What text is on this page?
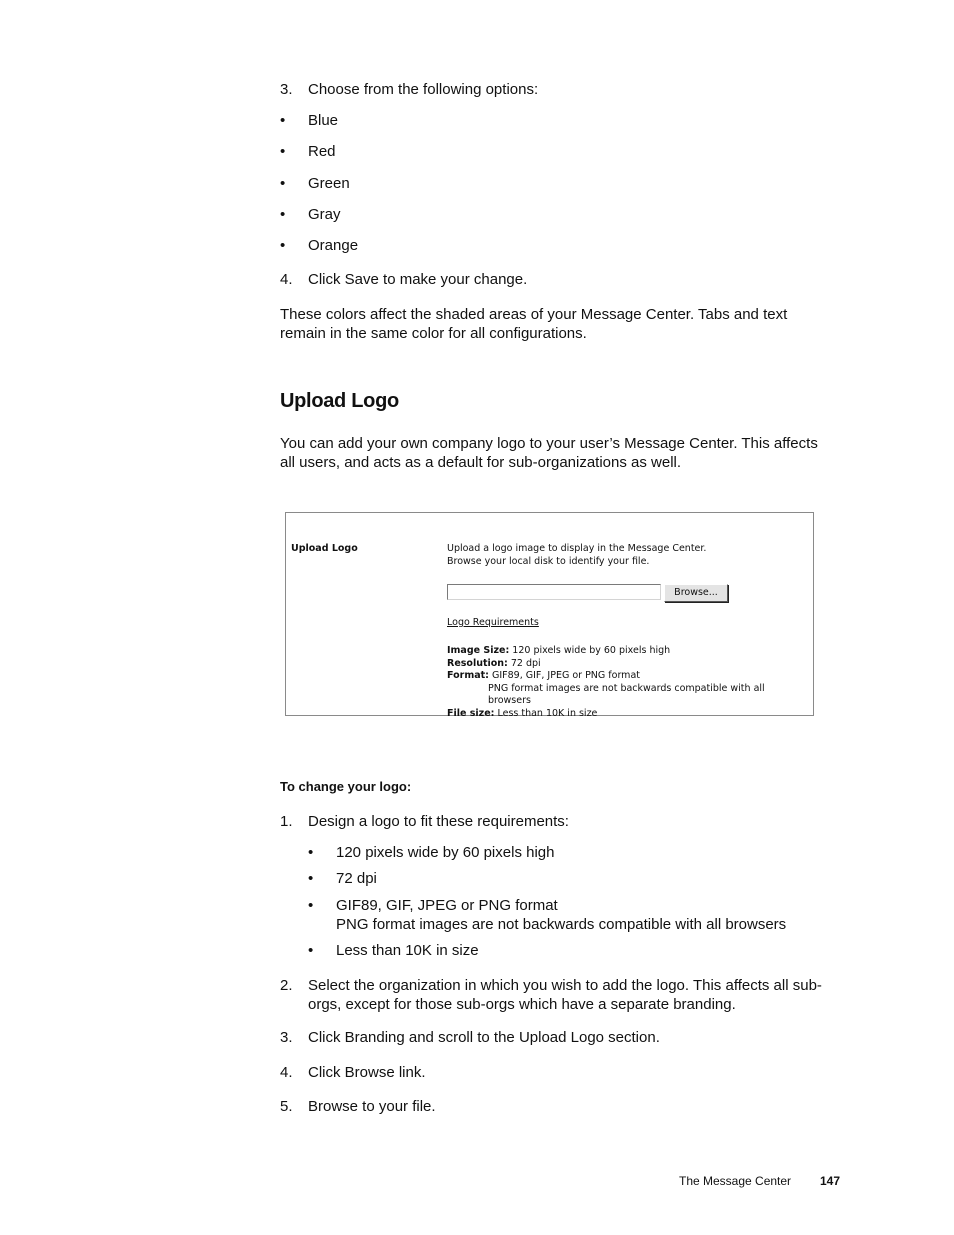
3.	Choose from the following options:
• Blue
• Red
• Green
• Gray
• Orange
4.	Click Save to make your change.
These colors affect the shaded areas of your Message Center. Tabs and text
remain in the same color for all configurations.
Upload Logo
You can add your own company logo to your user’s Message Center. This affects
all users, and acts as a default for sub-organizations as well.
Upload Logo	Upload a logo image to display in the Message Center.
Browse your local disk to identify your file.
Browse...
Logo Requirements
Image Size: 120 pixels wide by 60 pixels high
Resolution: 72 dpi
Format: GIF89, GIF, JPEG or PNG format
PNG format images are not backwards compatible with all browsers
File size: Less than 10K in size
To change your logo:
1.	Design a logo to fit these requirements:
• 120 pixels wide by 60 pixels high
• 72 dpi
• GIF89, GIF, JPEG or PNG format
PNG format images are not backwards compatible with all browsers
• Less than 10K in size
2.	Select the organization in which you wish to add the logo. This affects all sub-
orgs, except for those sub-orgs which have a separate branding.
3.	Click Branding and scroll to the Upload Logo section.
4.	Click Browse link.
5.	Browse to your file.
The Message Center 147
